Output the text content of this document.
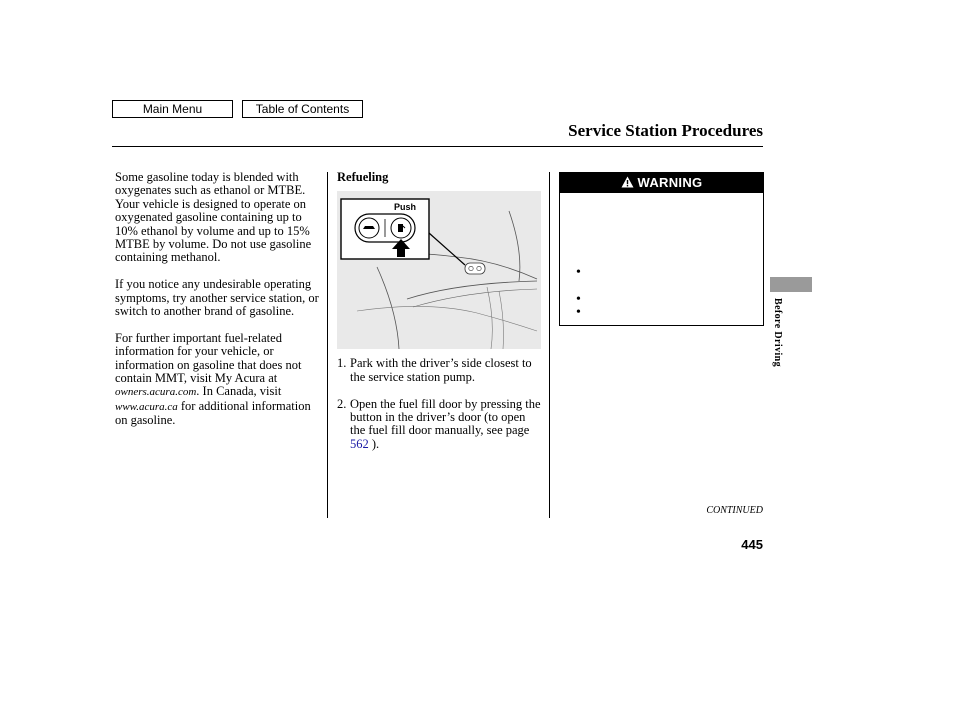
Main Menu	Table of Contents
Service Station Procedures

Some gasoline today is blended with oxygenates such as ethanol or MTBE. Your vehicle is designed to operate on oxygenated gasoline containing up to 10% ethanol by volume and up to 15% MTBE by volume. Do not use gasoline containing methanol.

If you notice any undesirable operating symptoms, try another service station, or switch to another brand of gasoline.

For further important fuel-related information for your vehicle, or information on gasoline that does not contain MMT, visit My Acura at owners.acura.com. In Canada, visit www.acura.ca for additional information on gasoline.

Refueling
Push
1. Park with the driver’s side closest to the service station pump.
2. Open the fuel fill door by pressing the button in the driver’s door (to open the fuel fill door manually, see page 562 ).
WARNING
•
•
•	Before Driving
CONTINUED
445
